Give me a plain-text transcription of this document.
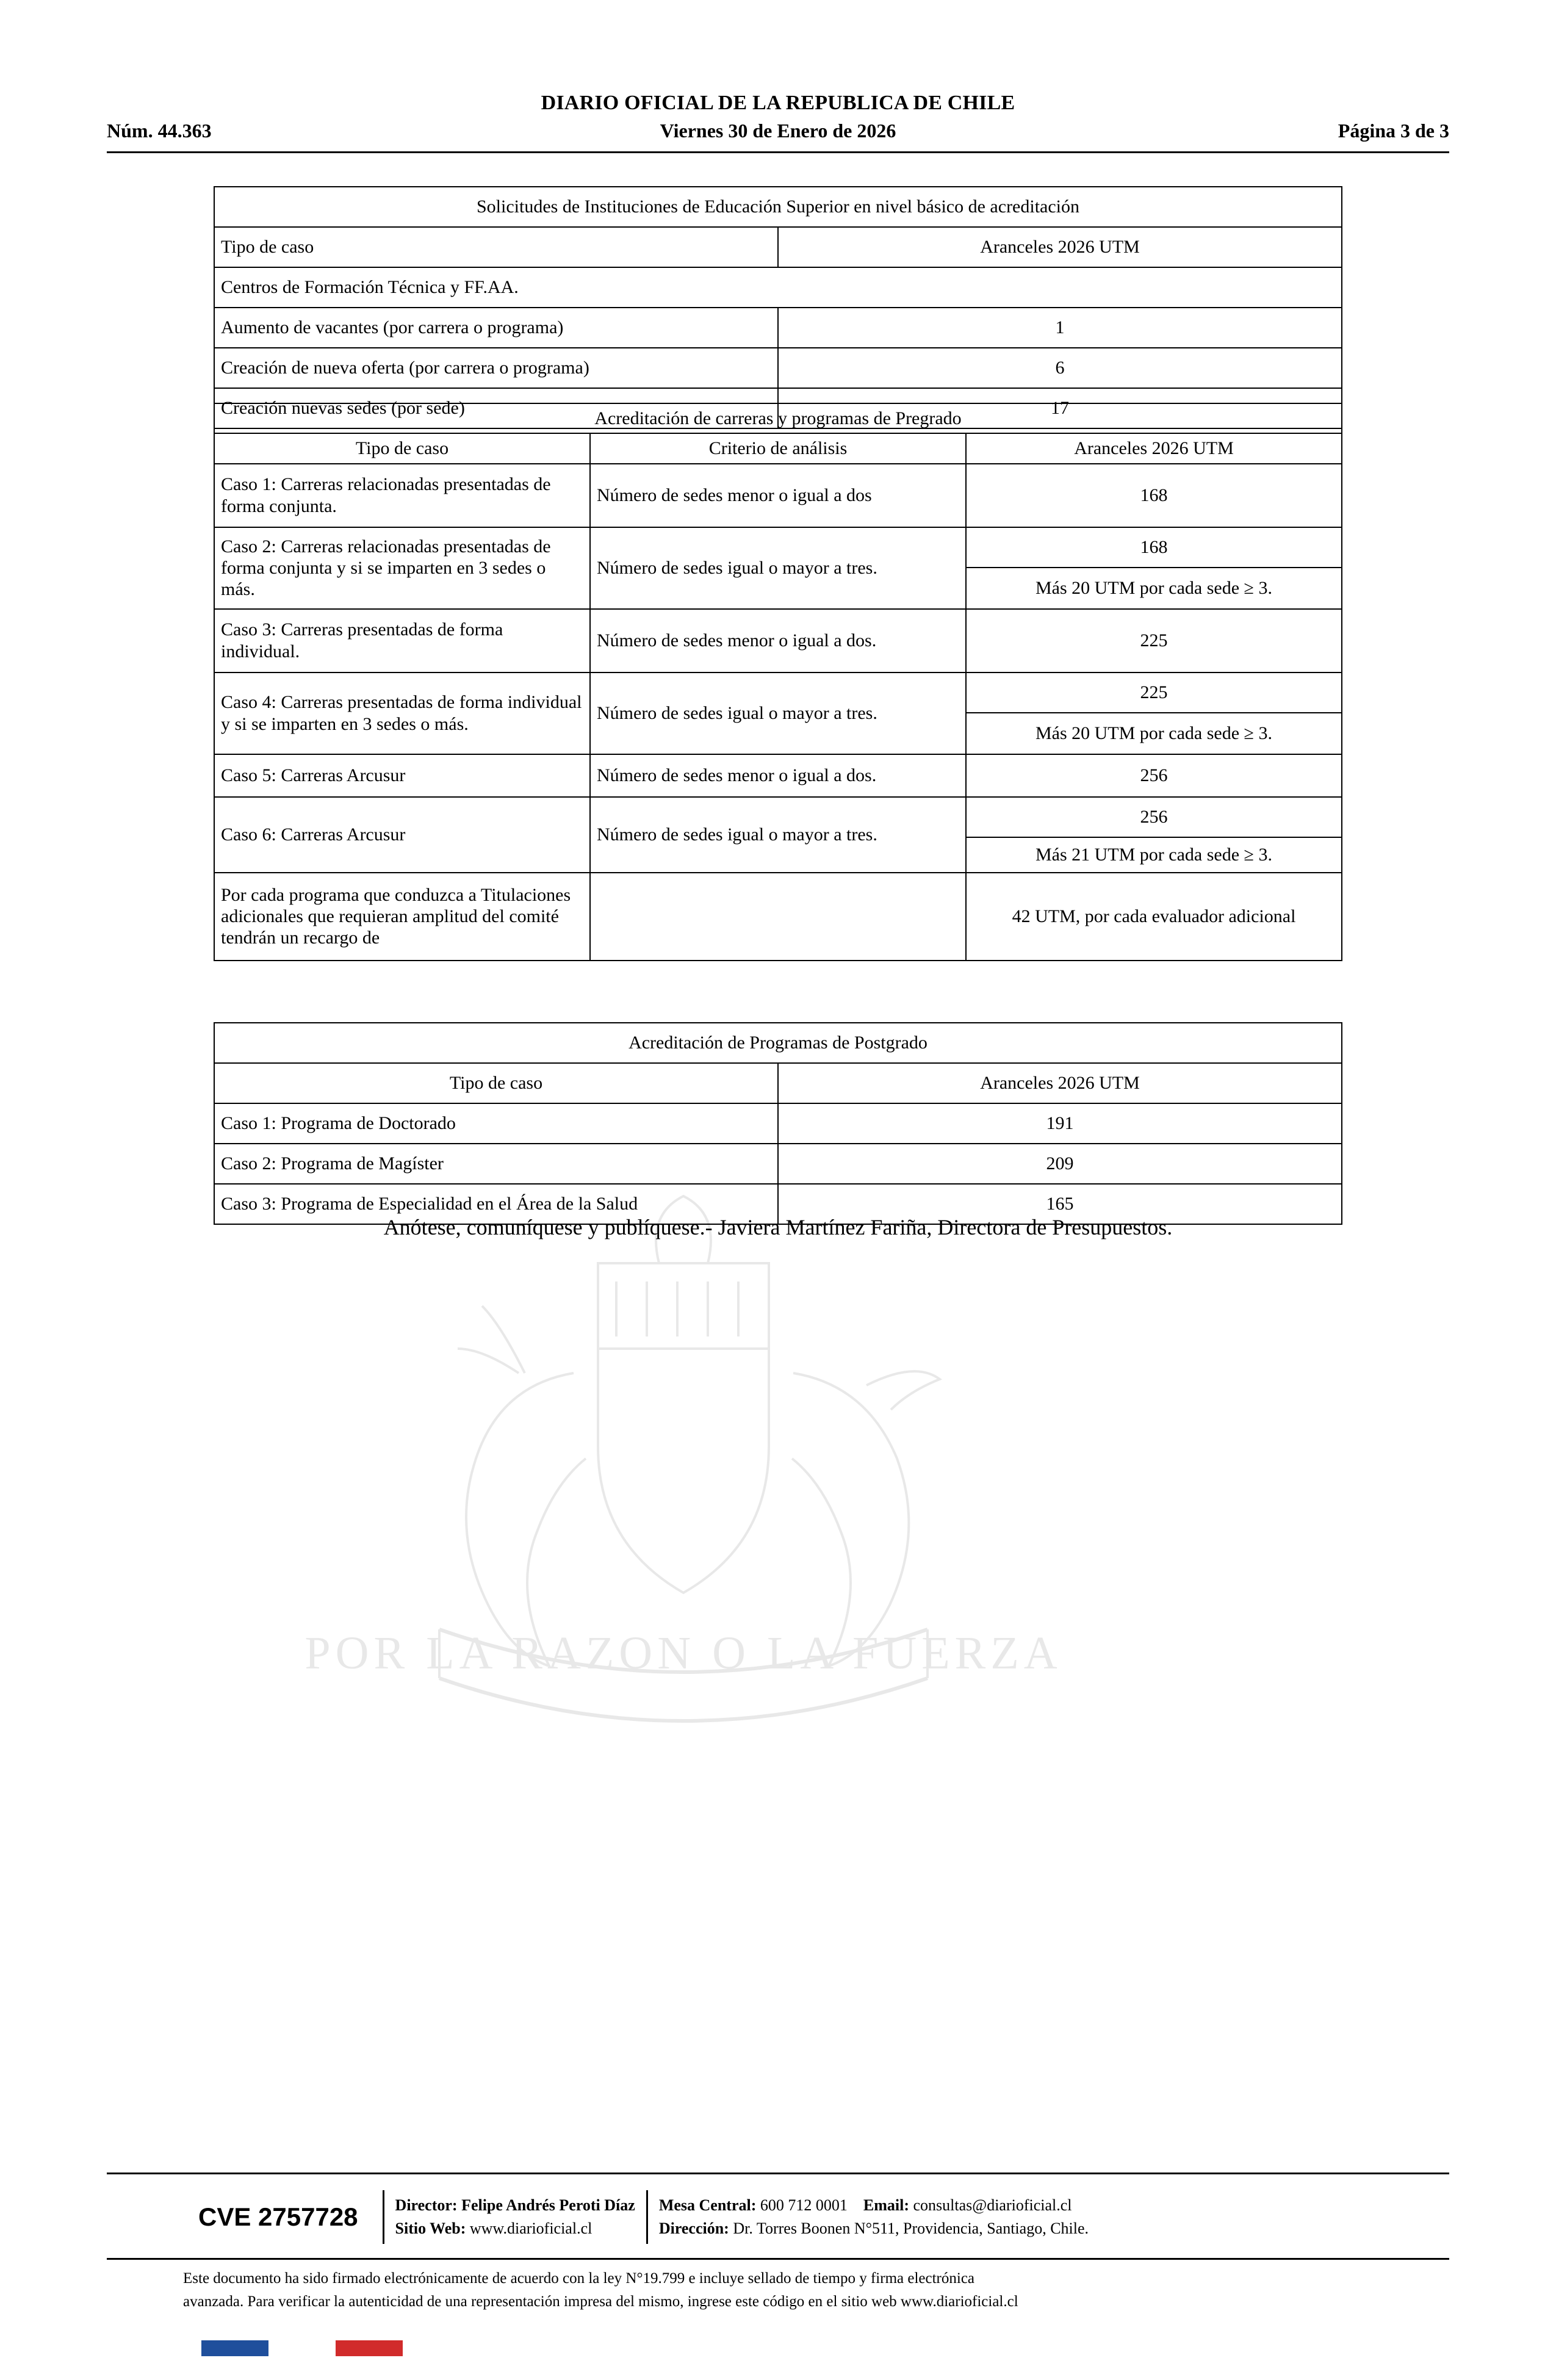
DIARIO OFICIAL DE LA REPUBLICA DE CHILE
Núm. 44.363	Viernes 30 de Enero de 2026	Página 3 de 3
POR LA RAZON O LA FUERZA
Solicitudes de Instituciones de Educación Superior en nivel básico de acreditación	
Tipo de caso	Aranceles 2026 UTM
Centros de Formación Técnica y FF.AA.	
Aumento de vacantes (por carrera o programa)	1
Creación de nueva oferta (por carrera o programa)	6
Creación nuevas sedes (por sede)	17
Acreditación de carreras y programas de Pregrado		
Tipo de caso	Criterio de análisis	Aranceles 2026 UTM
Caso 1: Carreras relacionadas presentadas de forma conjunta.	Número de sedes menor o igual a dos	168
Caso 2: Carreras relacionadas presentadas de forma conjunta y si se imparten en 3 sedes o más.	Número de sedes igual o mayor a tres.	168
		Más 20 UTM por cada sede ≥ 3.
Caso 3: Carreras presentadas de forma individual.	Número de sedes menor o igual a dos.	225
Caso 4: Carreras presentadas de forma individual y si se imparten en 3 sedes o más.	Número de sedes igual o mayor a tres.	225
		Más 20 UTM por cada sede ≥ 3.
Caso 5: Carreras Arcusur	Número de sedes menor o igual a dos.	256
Caso 6: Carreras Arcusur	Número de sedes igual o mayor a tres.	256
		Más 21 UTM por cada sede ≥ 3.
Por cada programa que conduzca a Titulaciones adicionales que requieran amplitud del comité tendrán un recargo de		42 UTM, por cada evaluador adicional
Acreditación de Programas de Postgrado	
Tipo de caso	Aranceles 2026 UTM
Caso 1: Programa de Doctorado	191
Caso 2: Programa de Magíster	209
Caso 3: Programa de Especialidad en el Área de la Salud	165
Anótese, comuníquese y publíquese.- Javiera Martínez Fariña, Directora de Presupuestos.
CVE 2757728	Director: Felipe Andrés Peroti Díaz
Sitio Web: www.diarioficial.cl
Mesa Central: 600 712 0001 Email: consultas@diarioficial.cl
Dirección: Dr. Torres Boonen N°511, Providencia, Santiago, Chile.
Este documento ha sido firmado electrónicamente de acuerdo con la ley N°19.799 e incluye sellado de tiempo y firma electrónica
avanzada. Para verificar la autenticidad de una representación impresa del mismo, ingrese este código en el sitio web www.diarioficial.cl
